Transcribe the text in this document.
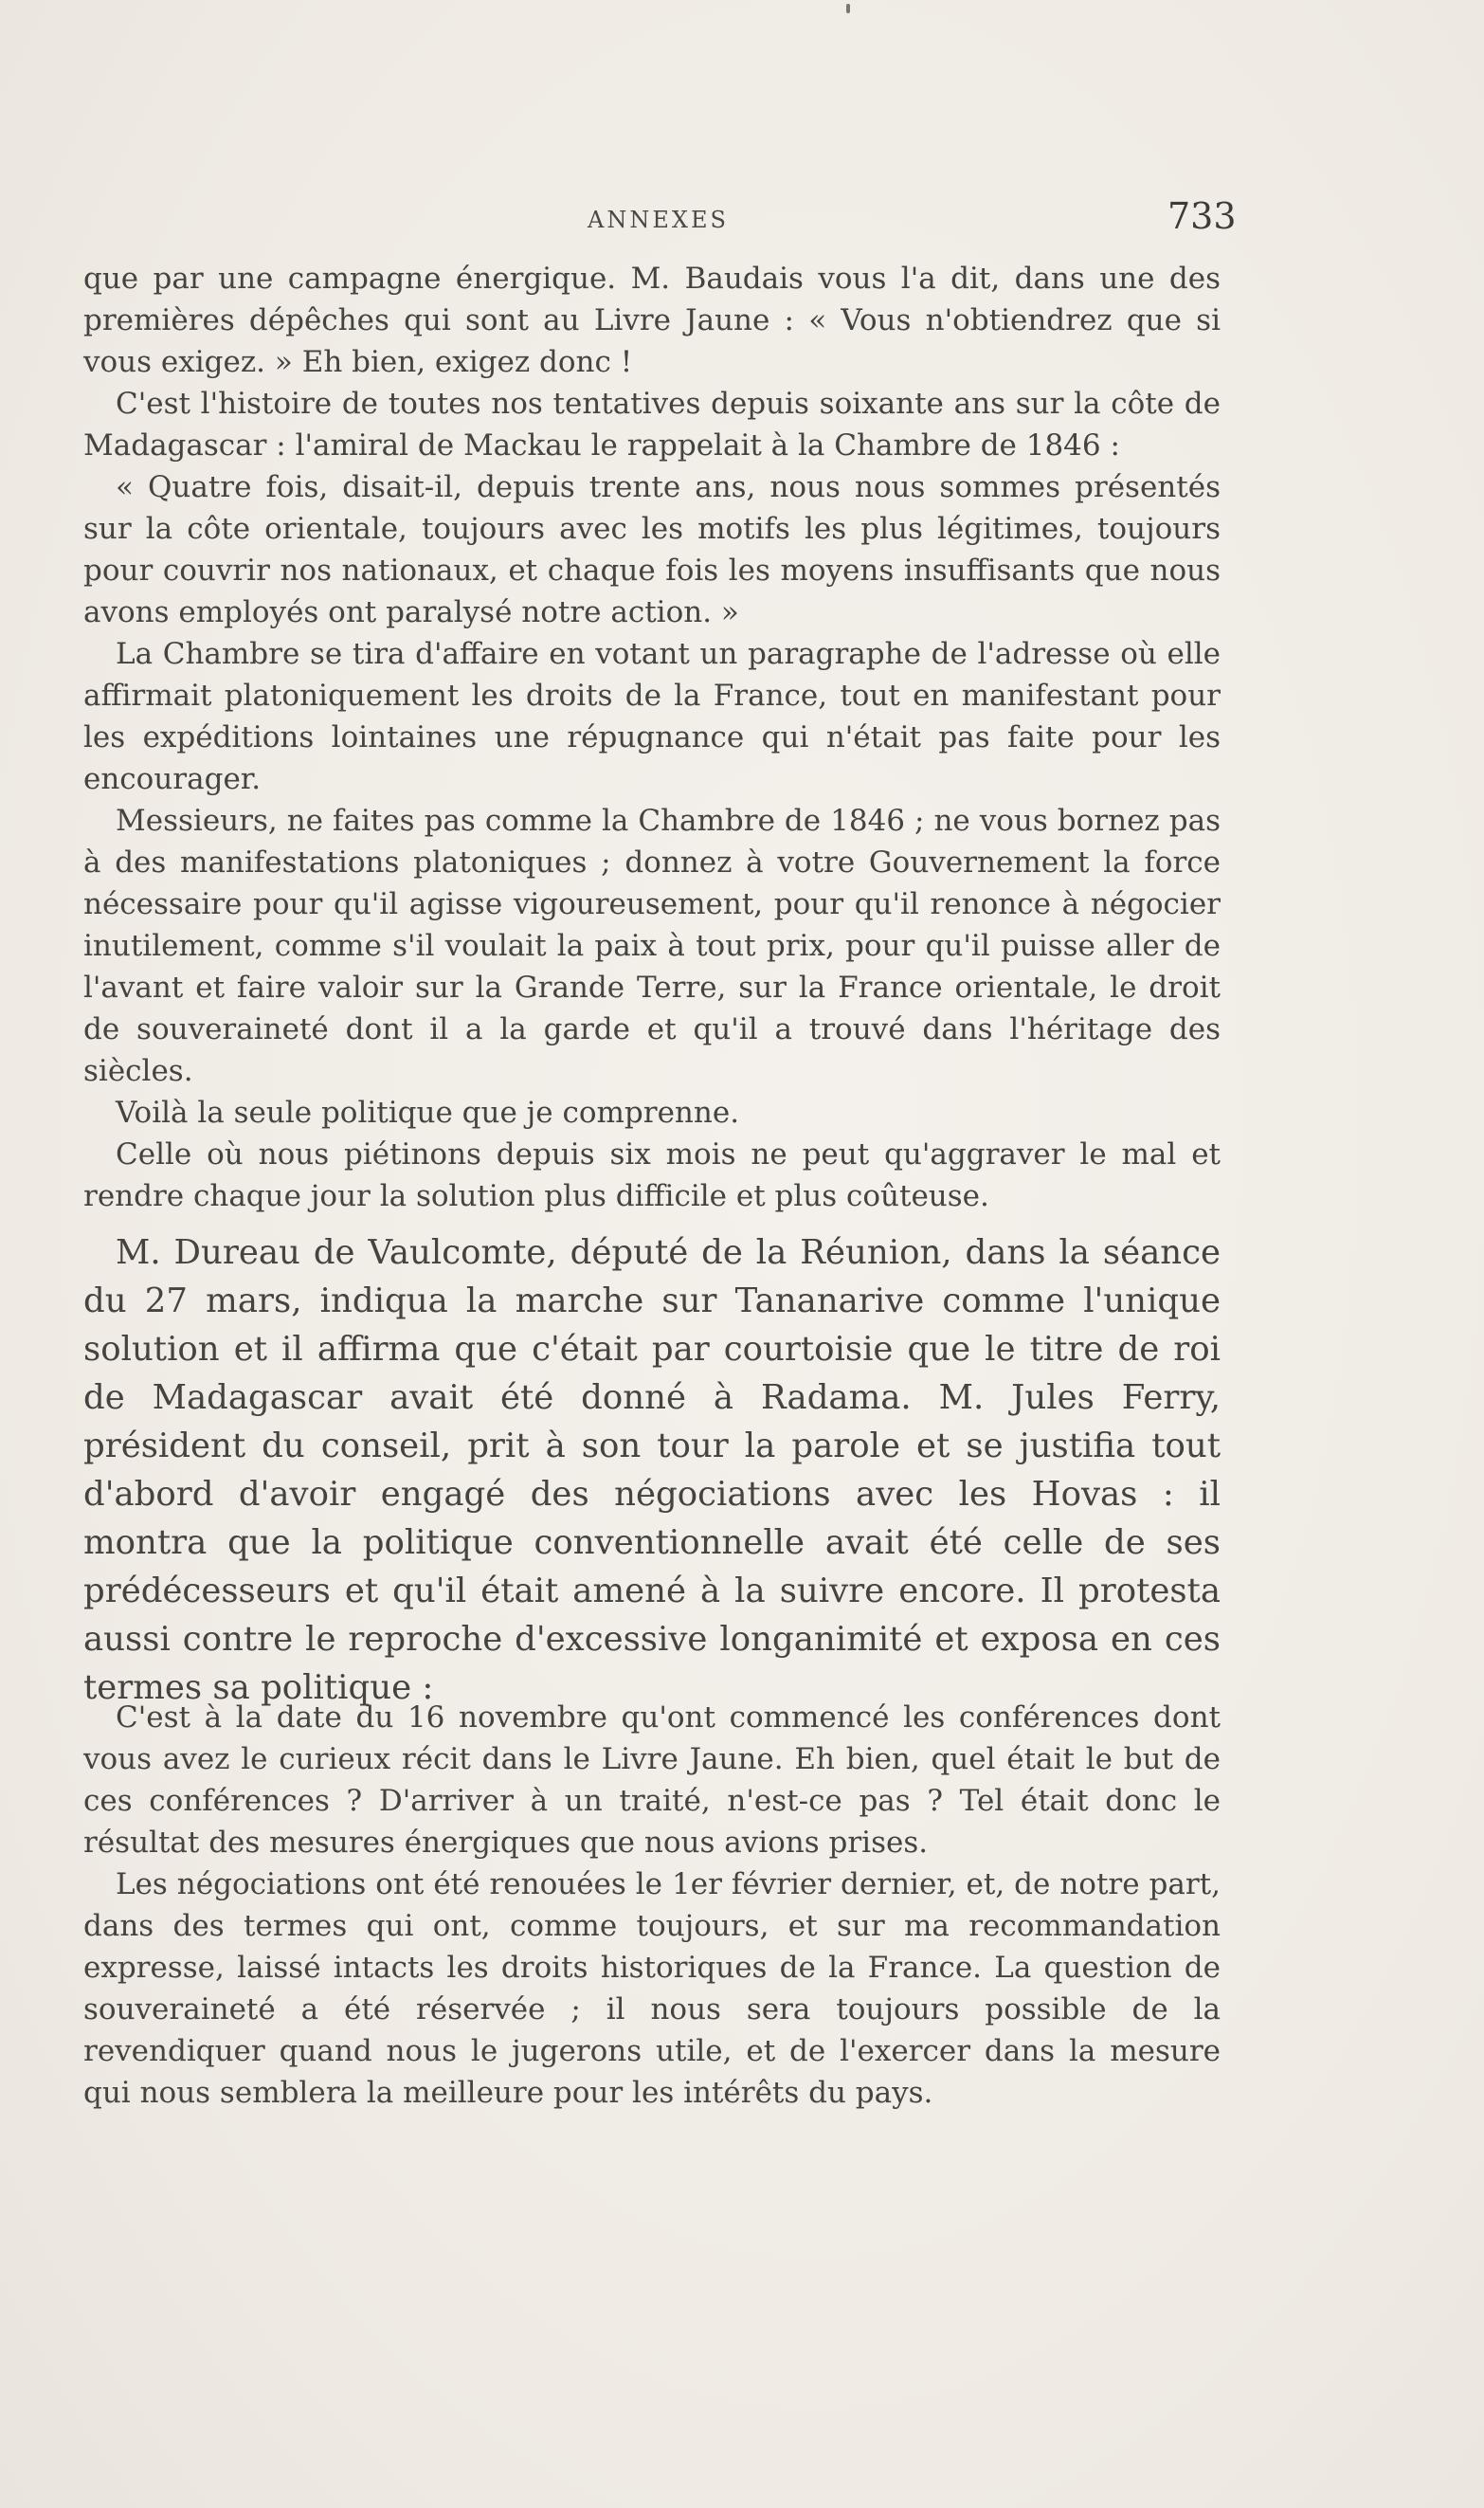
ANNEXES	733

que par une campagne énergique. M. Baudais vous l'a dit, dans une des premières dépêches qui sont au Livre Jaune : « Vous n'obtiendrez que si vous exigez. » Eh bien, exigez donc !

C'est l'histoire de toutes nos tentatives depuis soixante ans sur la côte de Madagascar : l'amiral de Mackau le rappelait à la Chambre de 1846 :

« Quatre fois, disait-il, depuis trente ans, nous nous sommes présentés sur la côte orientale, toujours avec les motifs les plus légitimes, toujours pour couvrir nos nationaux, et chaque fois les moyens insuffisants que nous avons employés ont paralysé notre action. »

La Chambre se tira d'affaire en votant un paragraphe de l'adresse où elle affirmait platoniquement les droits de la France, tout en manifestant pour les expéditions lointaines une répugnance qui n'était pas faite pour les encourager.

Messieurs, ne faites pas comme la Chambre de 1846 ; ne vous bornez pas à des manifestations platoniques ; donnez à votre Gouvernement la force nécessaire pour qu'il agisse vigoureusement, pour qu'il renonce à négocier inutilement, comme s'il voulait la paix à tout prix, pour qu'il puisse aller de l'avant et faire valoir sur la Grande Terre, sur la France orientale, le droit de souveraineté dont il a la garde et qu'il a trouvé dans l'héritage des siècles.

Voilà la seule politique que je comprenne.

Celle où nous piétinons depuis six mois ne peut qu'aggraver le mal et rendre chaque jour la solution plus difficile et plus coûteuse.

M. Dureau de Vaulcomte, député de la Réunion, dans la séance du 27 mars, indiqua la marche sur Tananarive comme l'unique solution et il affirma que c'était par courtoisie que le titre de roi de Madagascar avait été donné à Radama. M. Jules Ferry, président du conseil, prit à son tour la parole et se justifia tout d'abord d'avoir engagé des négociations avec les Hovas : il montra que la politique conventionnelle avait été celle de ses prédécesseurs et qu'il était amené à la suivre encore. Il protesta aussi contre le reproche d'excessive longanimité et exposa en ces termes sa politique :

C'est à la date du 16 novembre qu'ont commencé les conférences dont vous avez le curieux récit dans le Livre Jaune. Eh bien, quel était le but de ces conférences ? D'arriver à un traité, n'est-ce pas ? Tel était donc le résultat des mesures énergiques que nous avions prises.

Les négociations ont été renouées le 1er février dernier, et, de notre part, dans des termes qui ont, comme toujours, et sur ma recommandation expresse, laissé intacts les droits historiques de la France. La question de souveraineté a été réservée ; il nous sera toujours possible de la revendiquer quand nous le jugerons utile, et de l'exercer dans la mesure qui nous semblera la meilleure pour les intérêts du pays.
